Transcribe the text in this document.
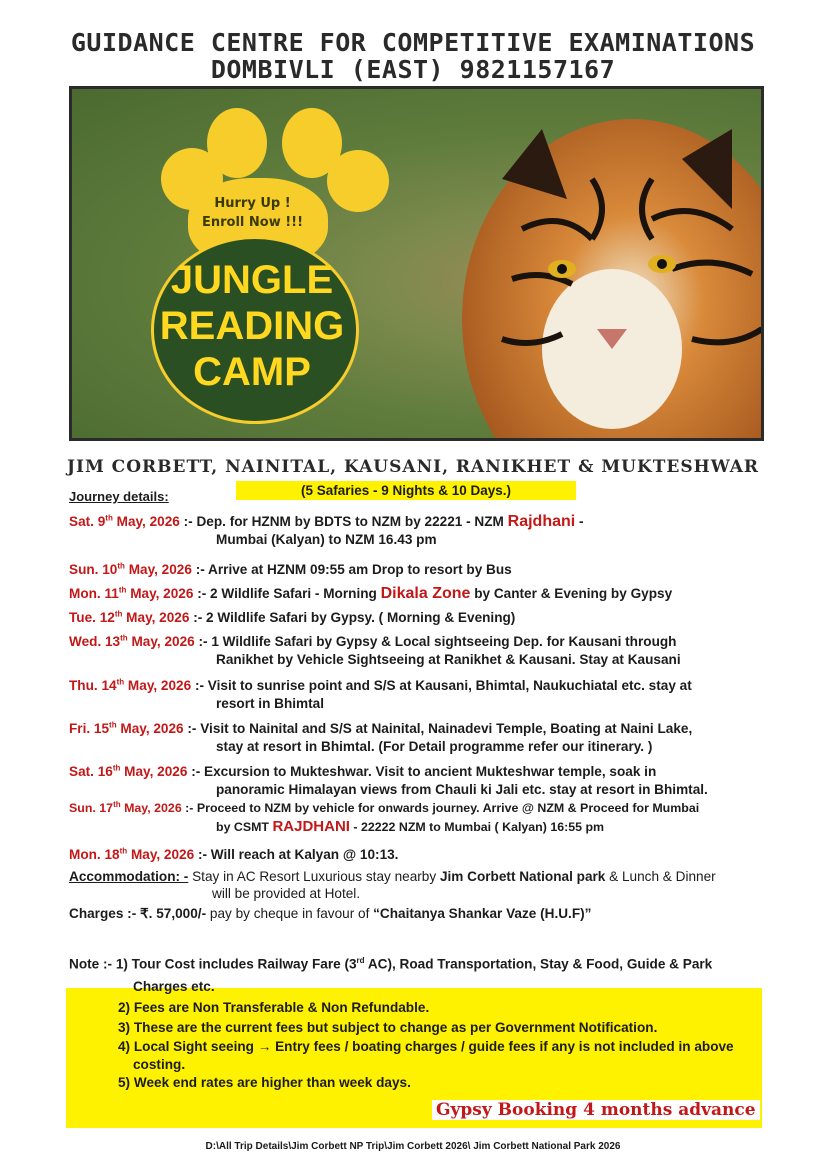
GUIDANCE CENTRE FOR COMPETITIVE EXAMINATIONS
DOMBIVLI (EAST) 9821157167
Hurry Up !
Enroll Now !!!
JUNGLE
READING
CAMP
JIM CORBETT, NAINITAL, KAUSANI, RANIKHET & MUKTESHWAR
Journey details:	(5 Safaries - 9 Nights & 10 Days.)
Sat. 9th May, 2026 :- Dep. for HZNM by BDTS to NZM by 22221 - NZM Rajdhani -
Mumbai (Kalyan) to NZM 16.43 pm
Sun. 10th May, 2026 :- Arrive at HZNM 09:55 am Drop to resort by Bus
Mon. 11th May, 2026 :- 2 Wildlife Safari - Morning Dikala Zone by Canter & Evening by Gypsy
Tue. 12th May, 2026 :- 2 Wildlife Safari by Gypsy. ( Morning & Evening)
Wed. 13th May, 2026 :- 1 Wildlife Safari by Gypsy & Local sightseeing Dep. for Kausani through
Ranikhet by Vehicle Sightseeing at Ranikhet & Kausani. Stay at Kausani
Thu. 14th May, 2026 :- Visit to sunrise point and S/S at Kausani, Bhimtal, Naukuchiatal etc. stay at
resort in Bhimtal
Fri. 15th May, 2026 :- Visit to Nainital and S/S at Nainital, Nainadevi Temple, Boating at Naini Lake,
stay at resort in Bhimtal. (For Detail programme refer our itinerary. )
Sat. 16th May, 2026 :- Excursion to Mukteshwar. Visit to ancient Mukteshwar temple, soak in
panoramic Himalayan views from Chauli ki Jali etc. stay at resort in Bhimtal.
Sun. 17th May, 2026 :- Proceed to NZM by vehicle for onwards journey. Arrive @ NZM & Proceed for Mumbai
by CSMT RAJDHANI - 22222 NZM to Mumbai ( Kalyan) 16:55 pm
Mon. 18th May, 2026 :- Will reach at Kalyan @ 10:13.
Accommodation: - Stay in AC Resort Luxurious stay nearby Jim Corbett National park & Lunch & Dinner
will be provided at Hotel.
Charges :- ₹. 57,000/- pay by cheque in favour of “Chaitanya Shankar Vaze (H.U.F)”
Note :- 1) Tour Cost includes Railway Fare (3rd AC), Road Transportation, Stay & Food, Guide & Park
Charges etc.
2) Fees are Non Transferable & Non Refundable.
3) These are the current fees but subject to change as per Government Notification.
4) Local Sight seeing → Entry fees / boating charges / guide fees if any is not included in above
costing.
5) Week end rates are higher than week days.
Gypsy Booking 4 months advance
D:\All Trip Details\Jim Corbett NP Trip\Jim Corbett 2026\ Jim Corbett National Park 2026
